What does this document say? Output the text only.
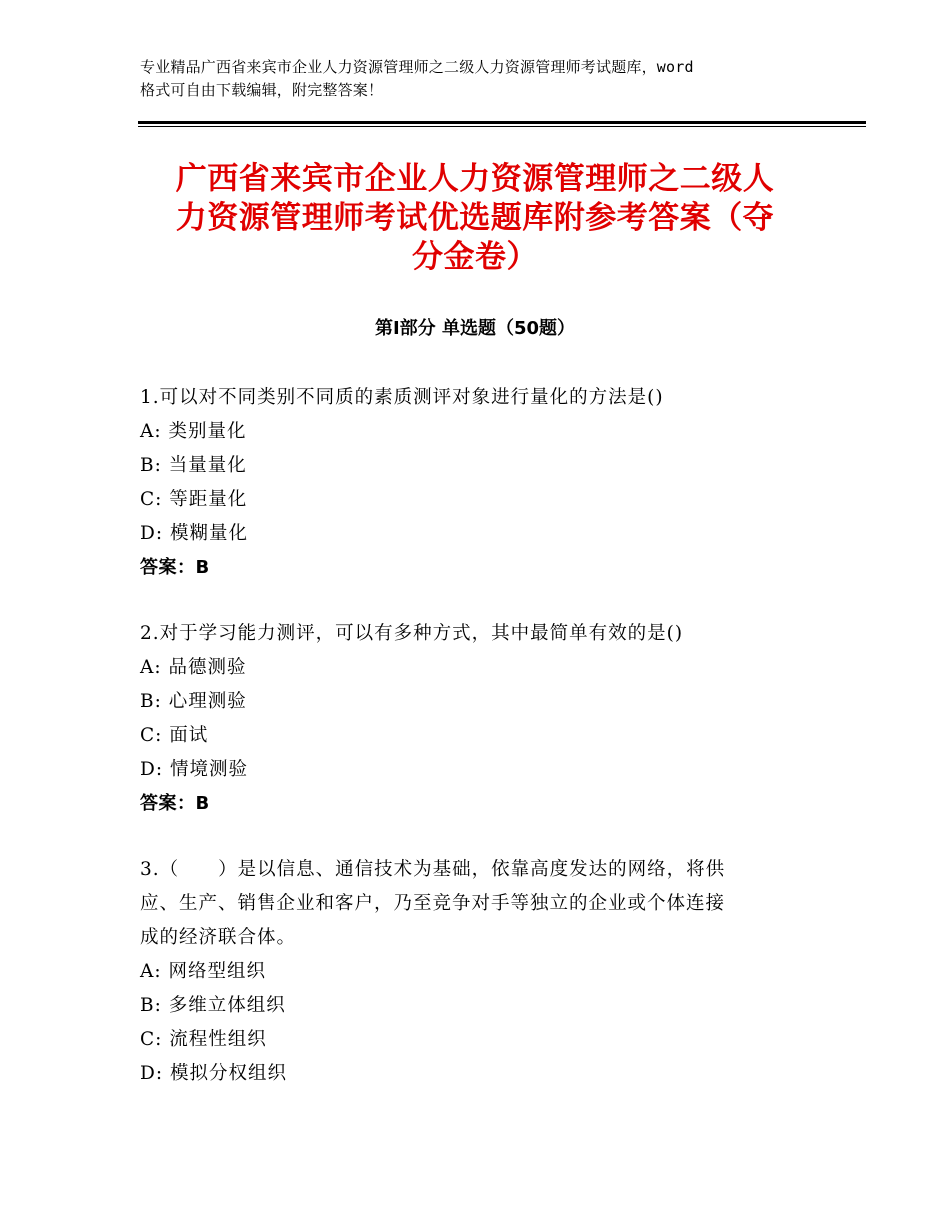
专业精品广西省来宾市企业人力资源管理师之二级人力资源管理师考试题库，word
格式可自由下载编辑，附完整答案！
广西省来宾市企业人力资源管理师之二级人
力资源管理师考试优选题库附参考答案（夺
分金卷）
第Ⅰ部分 单选题（50题）

1.可以对不同类别不同质的素质测评对象进行量化的方法是()

A: 类别量化

B: 当量量化

C: 等距量化

D: 模糊量化

答案：B

2.对于学习能力测评，可以有多种方式，其中最简单有效的是()

A: 品德测验

B: 心理测验

C: 面试

D: 情境测验

答案：B

3.（　　）是以信息、通信技术为基础，依靠高度发达的网络，将供

应、生产、销售企业和客户，乃至竞争对手等独立的企业或个体连接

成的经济联合体。

A: 网络型组织

B: 多维立体组织

C: 流程性组织

D: 模拟分权组织
